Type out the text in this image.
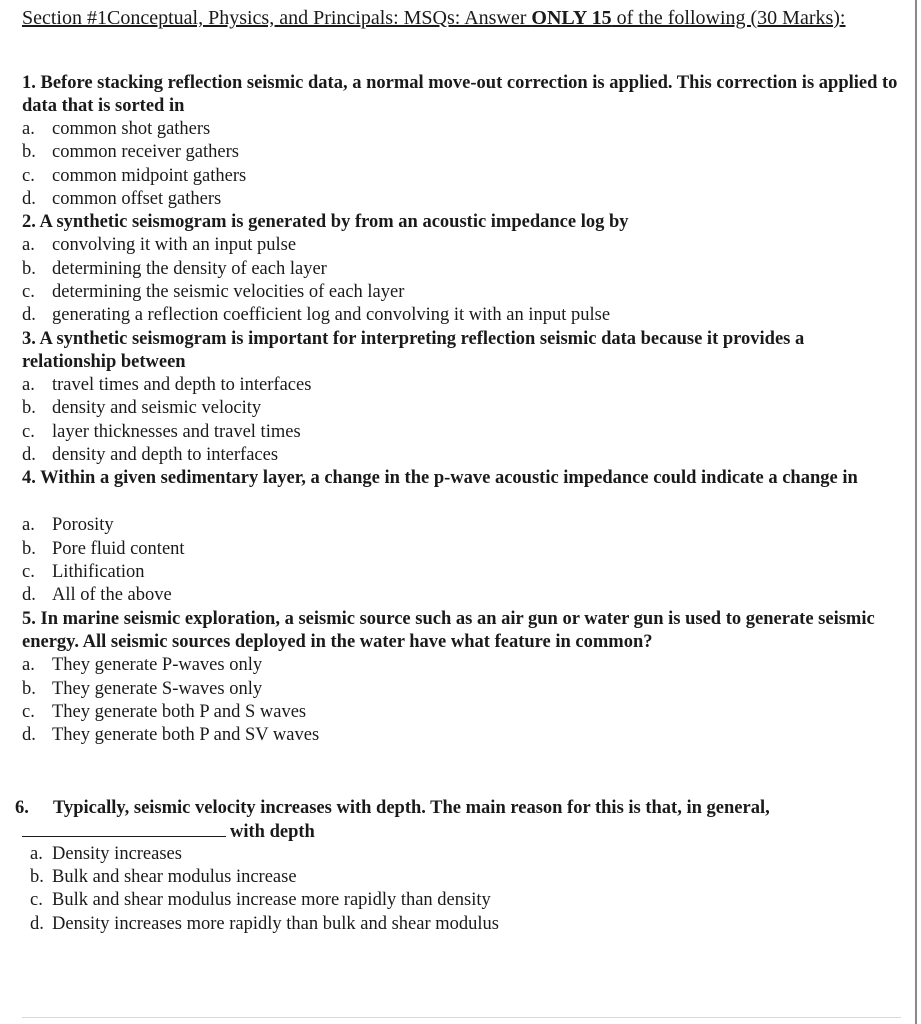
Section #1Conceptual, Physics, and Principals: MSQs: Answer ONLY 15 of the following (30 Marks):
1. Before stacking reflection seismic data, a normal move-out correction is applied. This correction is applied to data that is sorted in
a. common shot gathers
b. common receiver gathers
c. common midpoint gathers
d. common offset gathers
2. A synthetic seismogram is generated by from an acoustic impedance log by
a. convolving it with an input pulse
b. determining the density of each layer
c. determining the seismic velocities of each layer
d. generating a reflection coefficient log and convolving it with an input pulse
3. A synthetic seismogram is important for interpreting reflection seismic data because it provides a relationship between
a. travel times and depth to interfaces
b. density and seismic velocity
c. layer thicknesses and travel times
d. density and depth to interfaces
4. Within a given sedimentary layer, a change in the p-wave acoustic impedance could indicate a change in
a. Porosity
b. Pore fluid content
c. Lithification
d. All of the above
5. In marine seismic exploration, a seismic source such as an air gun or water gun is used to generate seismic energy. All seismic sources deployed in the water have what feature in common?
a. They generate P-waves only
b. They generate S-waves only
c. They generate both P and S waves
d. They generate both P and SV waves
6. Typically, seismic velocity increases with depth. The main reason for this is that, in general,
with depth
a. Density increases
b. Bulk and shear modulus increase
c. Bulk and shear modulus increase more rapidly than density
d. Density increases more rapidly than bulk and shear modulus
